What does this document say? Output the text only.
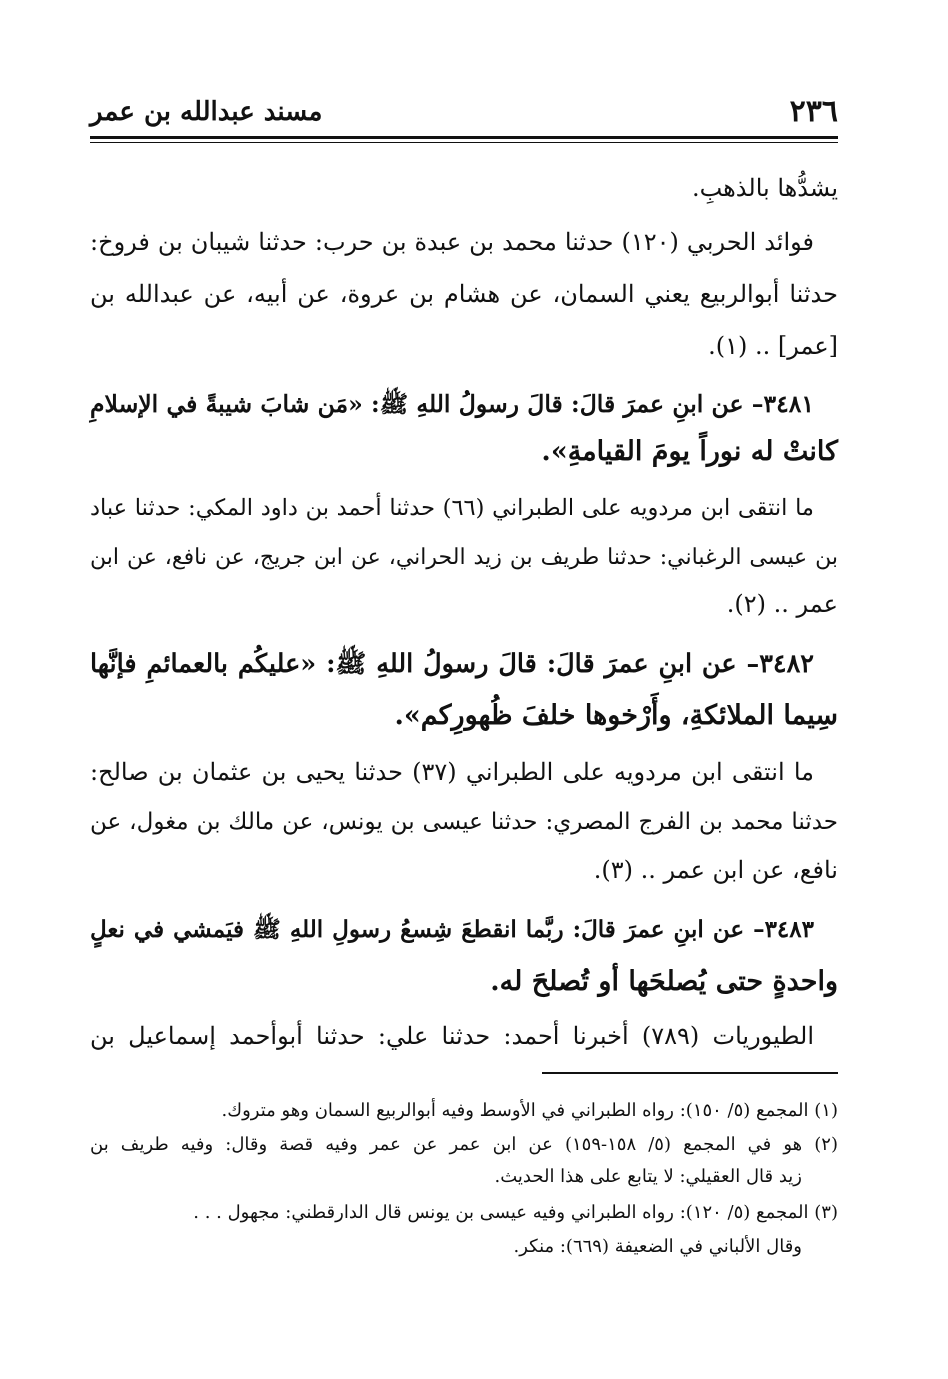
٢٣٦
مسند عبدالله بن عمر
يشدُّها بالذهبِ.
فوائد الحربي (١٢٠) حدثنا محمد بن عبدة بن حرب: حدثنا شيبان بن فروخ:
حدثنا أبوالربيع يعني السمان، عن هشام بن عروة، عن أبيه، عن عبدالله بن
[عمر] .. (١).
٣٤٨١– عن ابنِ عمرَ قالَ: قالَ رسولُ اللهِ ﷺ: «مَن شابَ شيبةً في الإسلامِ
كانتْ له نوراً يومَ القيامةِ».
ما انتقى ابن مردويه على الطبراني (٦٦) حدثنا أحمد بن داود المكي: حدثنا عباد
بن عيسى الرغباني: حدثنا طريف بن زيد الحراني، عن ابن جريج، عن نافع، عن ابن
عمر .. (٢).
٣٤٨٢– عن ابنِ عمرَ قالَ: قالَ رسولُ اللهِ ﷺ: «عليكُم بالعمائمِ فإنَّها
سِيما الملائكةِ، وأَرْخوها خلفَ ظُهورِكم».
ما انتقى ابن مردويه على الطبراني (٣٧) حدثنا يحيى بن عثمان بن صالح:
حدثنا محمد بن الفرج المصري: حدثنا عيسى بن يونس، عن مالك بن مغول، عن
نافع، عن ابن عمر .. (٣).
٣٤٨٣– عن ابنِ عمرَ قالَ: ربَّما انقطعَ شِسعُ رسولِ اللهِ ﷺ فيَمشي في نعلٍ
واحدةٍ حتى يُصلحَها أو تُصلحَ له.
الطيوريات (٧٨٩) أخبرنا أحمد: حدثنا علي: حدثنا أبوأحمد إسماعيل بن
(١) المجمع (٥/ ١٥٠): رواه الطبراني في الأوسط وفيه أبوالربيع السمان وهو متروك.
(٢) هو في المجمع (٥/ ١٥٨-١٥٩) عن ابن عمر عن عمر وفيه قصة وقال: وفيه طريف بن
زيد قال العقيلي: لا يتابع على هذا الحديث.
(٣) المجمع (٥/ ١٢٠): رواه الطبراني وفيه عيسى بن يونس قال الدارقطني: مجهول . . .
وقال الألباني في الضعيفة (٦٦٩): منكر.
